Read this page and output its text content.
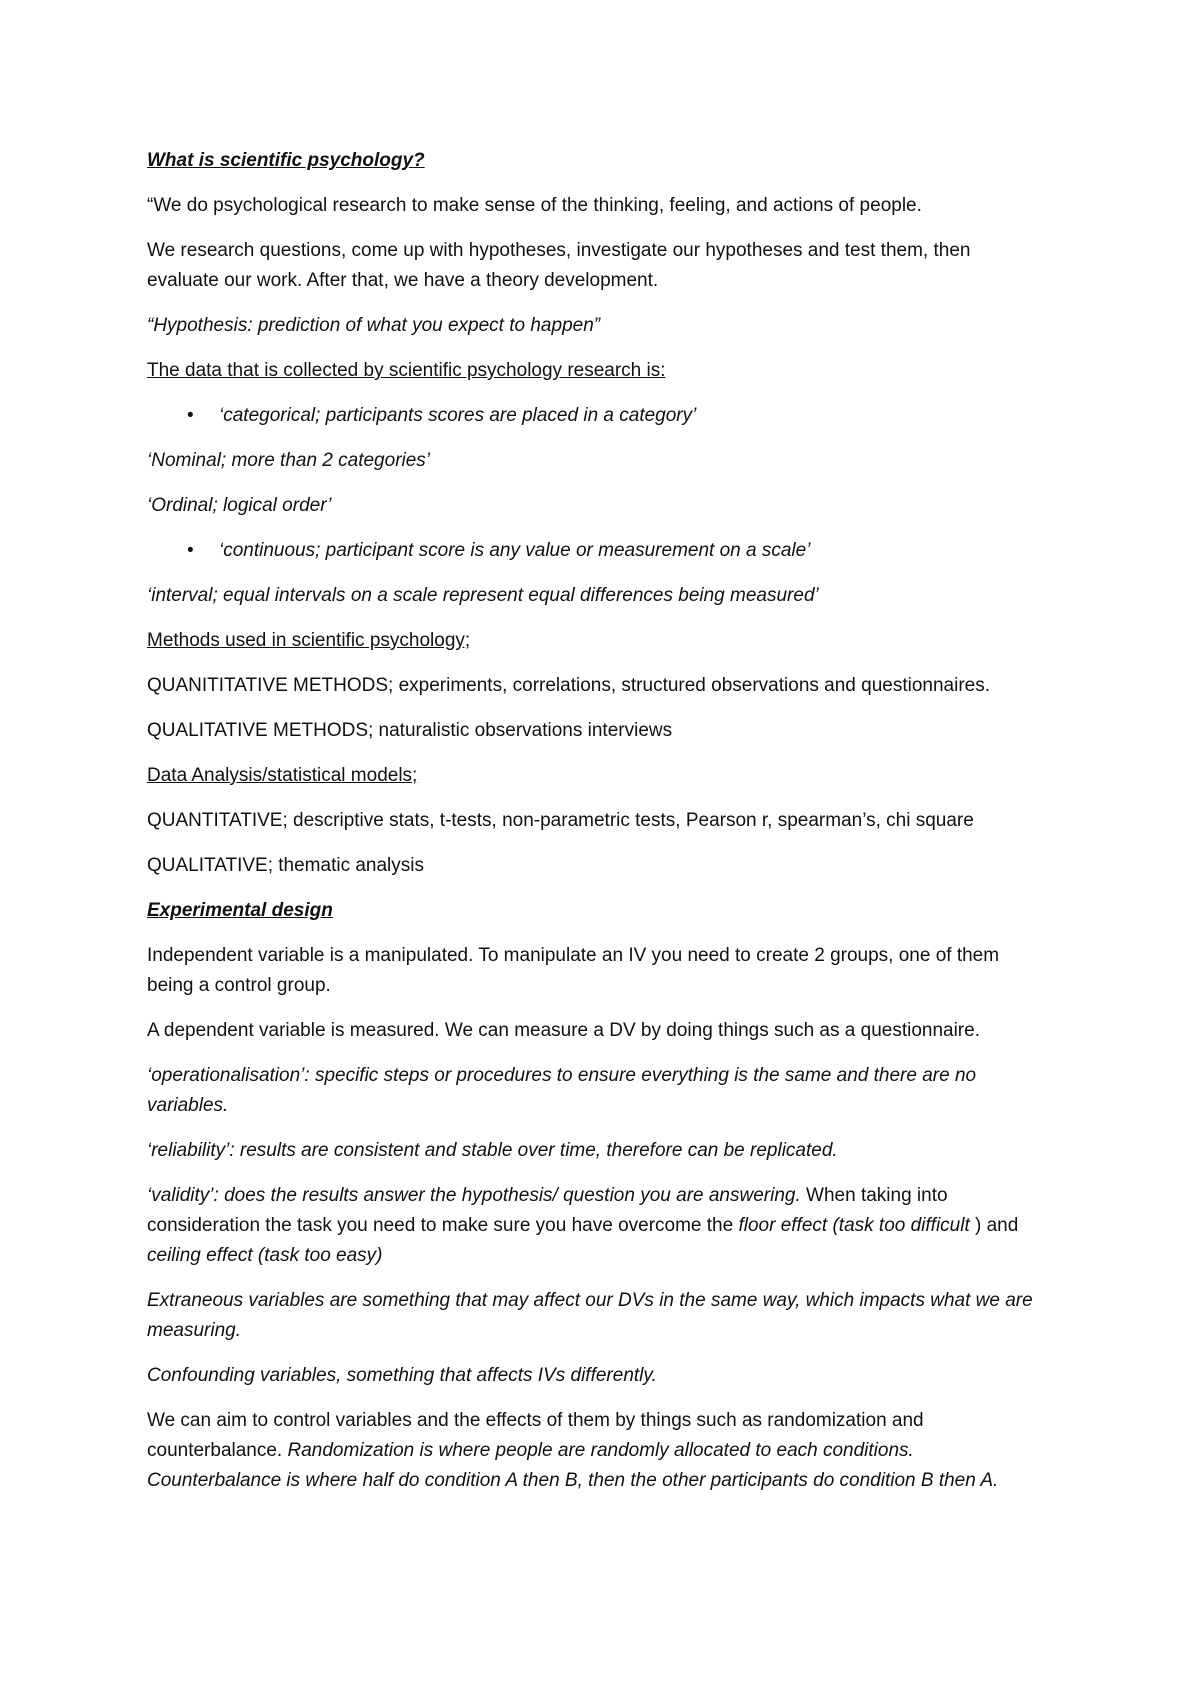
What is scientific psychology?

“We do psychological research to make sense of the thinking, feeling, and actions of people.

We research questions, come up with hypotheses, investigate our hypotheses and test them, then evaluate our work. After that, we have a theory development.

“Hypothesis: prediction of what you expect to happen”

The data that is collected by scientific psychology research is:

• ‘categorical; participants scores are placed in a category’

‘Nominal; more than 2 categories’

‘Ordinal; logical order’

• ‘continuous; participant score is any value or measurement on a scale’

‘interval; equal intervals on a scale represent equal differences being measured’

Methods used in scientific psychology;

QUANITITATIVE METHODS; experiments, correlations, structured observations and questionnaires.

QUALITATIVE METHODS; naturalistic observations interviews

Data Analysis/statistical models;

QUANTITATIVE; descriptive stats, t-tests, non-parametric tests, Pearson r, spearman’s, chi square

QUALITATIVE; thematic analysis

Experimental design

Independent variable is a manipulated. To manipulate an IV you need to create 2 groups, one of them being a control group.

A dependent variable is measured. We can measure a DV by doing things such as a questionnaire.

‘operationalisation’: specific steps or procedures to ensure everything is the same and there are no variables.

‘reliability’: results are consistent and stable over time, therefore can be replicated.

‘validity’: does the results answer the hypothesis/ question you are answering. When taking into consideration the task you need to make sure you have overcome the floor effect (task too difficult ) and ceiling effect (task too easy)

Extraneous variables are something that may affect our DVs in the same way, which impacts what we are measuring.

Confounding variables, something that affects IVs differently.

We can aim to control variables and the effects of them by things such as randomization and counterbalance. Randomization is where people are randomly allocated to each conditions. Counterbalance is where half do condition A then B, then the other participants do condition B then A.
